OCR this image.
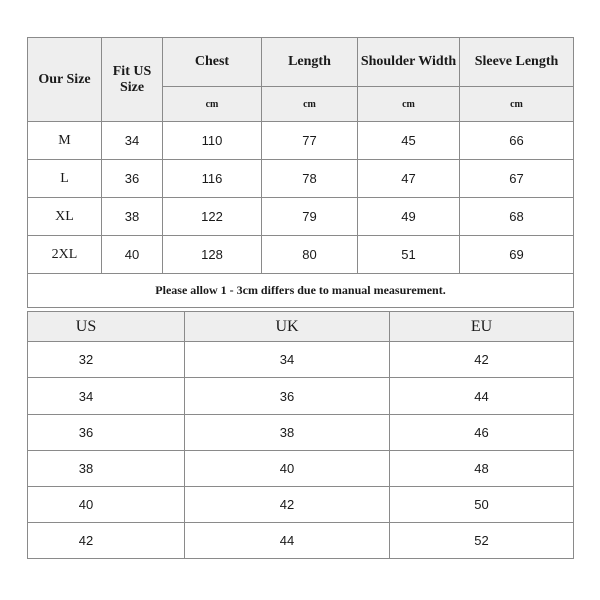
Our Size	Fit US Size	Chest	Length	Shoulder Width	Sleeve Length
		cm	cm	cm	cm
M	34	110	77	45	66
L	36	116	78	47	67
XL	38	122	79	49	68
2XL	40	128	80	51	69
Please allow 1 - 3cm differs due to manual measurement.					
US	UK	EU
32	34	42
34	36	44
36	38	46
38	40	48
40	42	50
42	44	52
